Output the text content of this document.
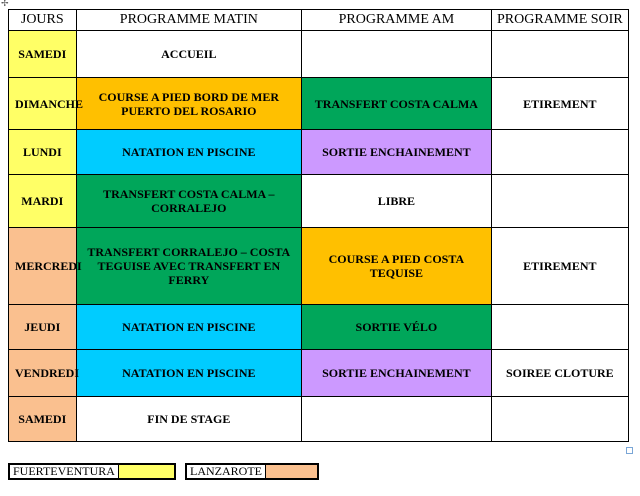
✢
JOURS	PROGRAMME MATIN	PROGRAMME AM	PROGRAMME SOIR
SAMEDI	ACCUEIL		
DIMANCHE	COURSE A PIED BORD DE MER PUERTO DEL ROSARIO	TRANSFERT COSTA CALMA	ETIREMENT
LUNDI	NATATION EN PISCINE	SORTIE ENCHAINEMENT	
MARDI	TRANSFERT COSTA CALMA – CORRALEJO	LIBRE	
MERCREDI	TRANSFERT CORRALEJO – COSTA TEGUISE AVEC TRANSFERT EN FERRY	COURSE A PIED COSTA TEQUISE	ETIREMENT
JEUDI	NATATION EN PISCINE	SORTIE VÉLO	
VENDREDI	NATATION EN PISCINE	SORTIE ENCHAINEMENT	SOIREE CLOTURE
SAMEDI	FIN DE STAGE		
FUERTEVENTURA	LANZAROTE
